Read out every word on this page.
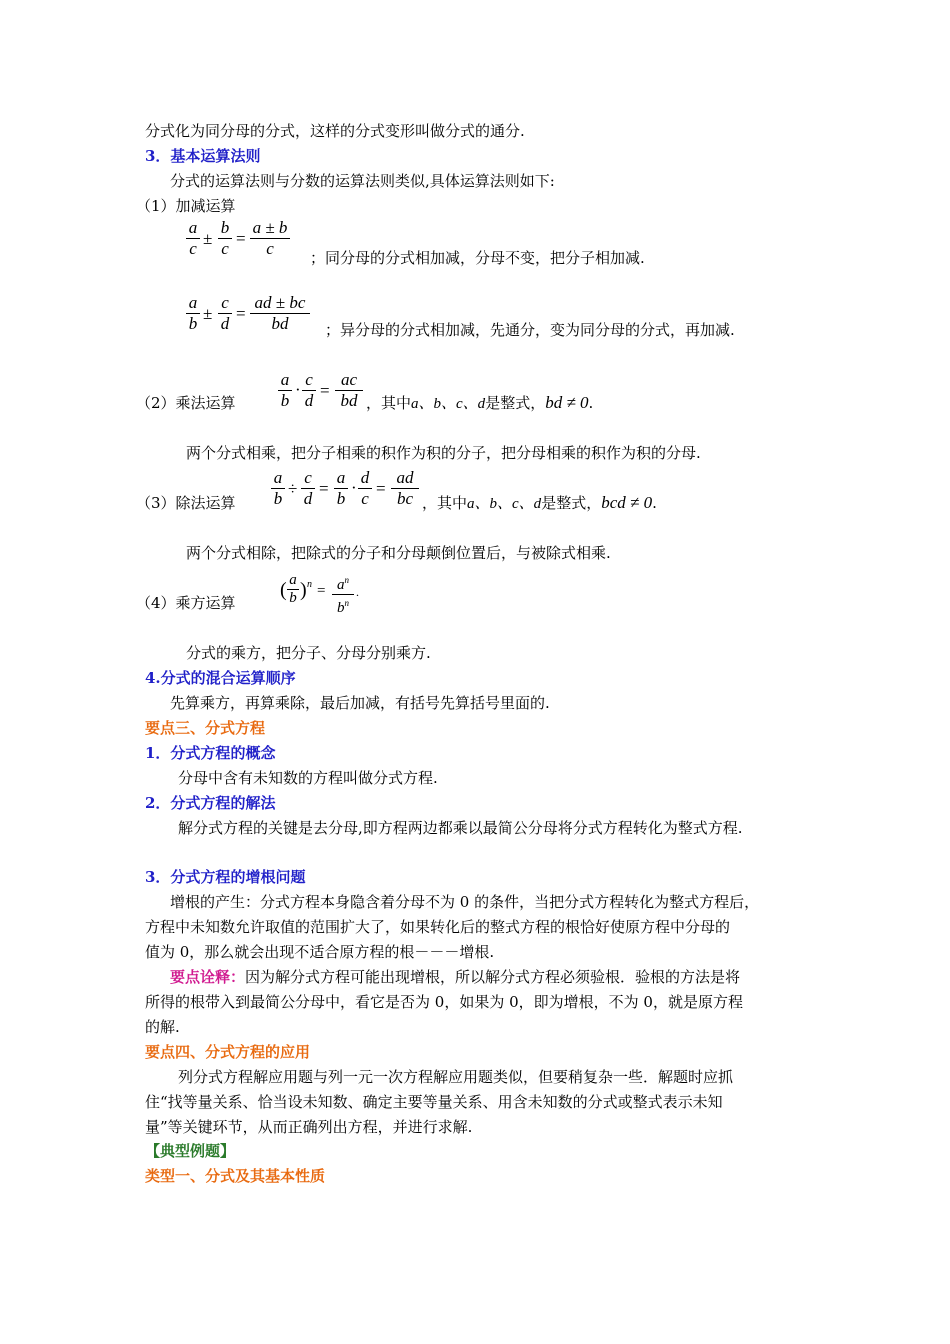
分式化为同分母的分式，这样的分式变形叫做分式的通分.
3．基本运算法则
分式的运算法则与分数的运算法则类似,具体运算法则如下:
（1）加减运算
a
c
±
b
c
=
a ± b
c	；同分母的分式相加减，分母不变，把分子相加减.
a
b
±
c
d
=
ad ± bc
bd	；异分母的分式相加减，先通分，变为同分母的分式，再加减.
（2）乘法运算
a
b
·
c
d
=
ac
bd ，其中a、b、c、d是整式，bd ≠ 0.
两个分式相乘，把分子相乘的积作为积的分子，把分母相乘的积作为积的分母.
（3）除法运算
a
b
÷
c
d
=
a
b
·
d
c
=
ad
bc ，其中a、b、c、d是整式，bcd ≠ 0.
两个分式相除，把除式的分子和分母颠倒位置后，与被除式相乘.
（4）乘方运算
( a
b ) $n = a^n$
$b^n$
.
分式的乘方，把分子、分母分别乘方.
4.分式的混合运算顺序
先算乘方，再算乘除，最后加减，有括号先算括号里面的.
要点三、分式方程
1．分式方程的概念
分母中含有未知数的方程叫做分式方程.
2．分式方程的解法
解分式方程的关键是去分母,即方程两边都乘以最简公分母将分式方程转化为整式方程.
3．分式方程的增根问题
增根的产生：分式方程本身隐含着分母不为 0 的条件，当把分式方程转化为整式方程后，
方程中未知数允许取值的范围扩大了，如果转化后的整式方程的根恰好使原方程中分母的
值为 0，那么就会出现不适合原方程的根－－－增根.
要点诠释：因为解分式方程可能出现增根，所以解分式方程必须验根．验根的方法是将
所得的根带入到最简公分母中，看它是否为 0，如果为 0，即为增根，不为 0，就是原方程
的解.
要点四、分式方程的应用
列分式方程解应用题与列一元一次方程解应用题类似，但要稍复杂一些．解题时应抓
住“找等量关系、恰当设未知数、确定主要等量关系、用含未知数的分式或整式表示未知
量”等关键环节，从而正确列出方程，并进行求解.
【典型例题】
类型一、分式及其基本性质
